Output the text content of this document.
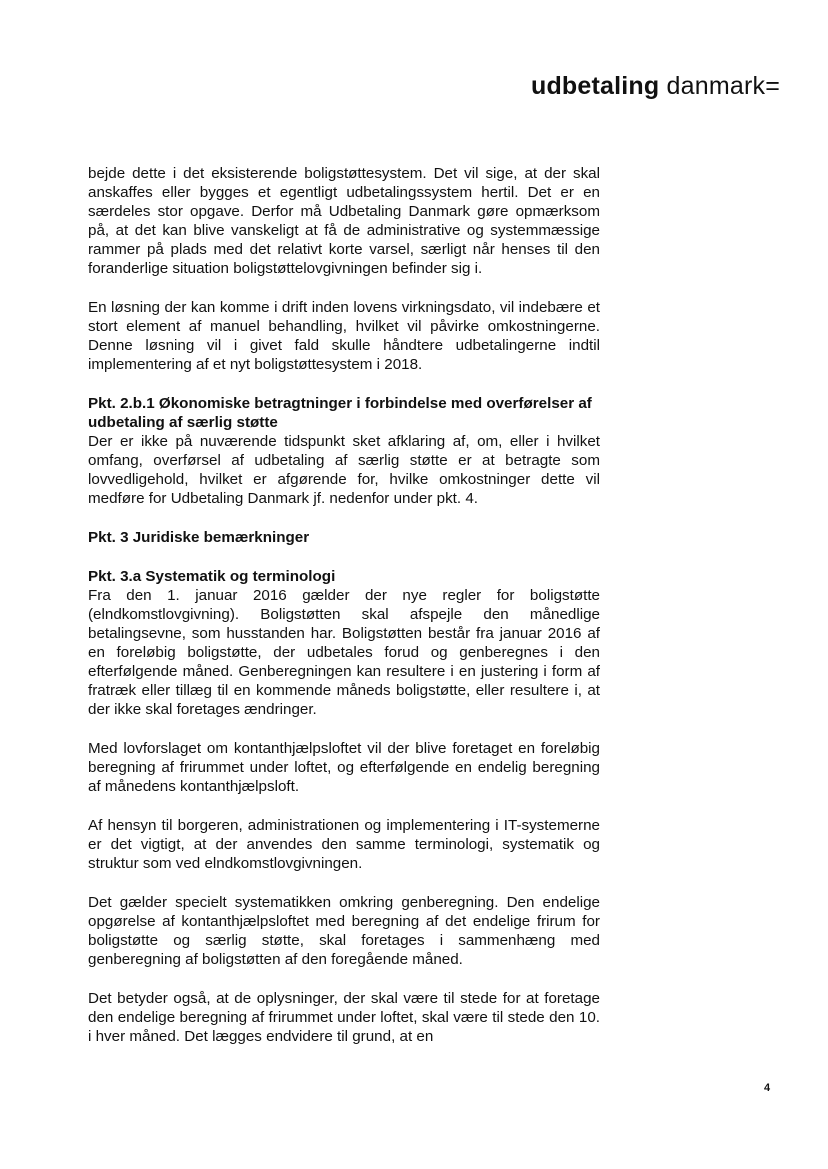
udbetaling danmark=

bejde dette i det eksisterende boligstøttesystem. Det vil sige, at der skal anskaffes eller bygges et egentligt udbetalingssystem hertil. Det er en særdeles stor opgave. Derfor må Udbetaling Danmark gøre opmærksom på, at det kan blive vanskeligt at få de administrative og systemmæssige rammer på plads med det relativt korte varsel, særligt når henses til den foranderlige situation boligstøttelovgivningen befinder sig i.

En løsning der kan komme i drift inden lovens virkningsdato, vil indebære et stort element af manuel behandling, hvilket vil påvirke omkostningerne. Denne løsning vil i givet fald skulle håndtere udbetalingerne indtil implementering af et nyt boligstøttesystem i 2018.

Pkt. 2.b.1 Økonomiske betragtninger i forbindelse med overførelser af udbetaling af særlig støtte

Der er ikke på nuværende tidspunkt sket afklaring af, om, eller i hvilket omfang, overførsel af udbetaling af særlig støtte er at betragte som lovvedligehold, hvilket er afgørende for, hvilke omkostninger dette vil medføre for Udbetaling Danmark jf. nedenfor under pkt. 4.

Pkt. 3 Juridiske bemærkninger

Pkt. 3.a Systematik og terminologi

Fra den 1. januar 2016 gælder der nye regler for boligstøtte (elndkomstlovgivning). Boligstøtten skal afspejle den månedlige betalingsevne, som husstanden har. Boligstøtten består fra januar 2016 af en foreløbig boligstøtte, der udbetales forud og genberegnes i den efterfølgende måned. Genberegningen kan resultere i en justering i form af fratræk eller tillæg til en kommende måneds boligstøtte, eller resultere i, at der ikke skal foretages ændringer.

Med lovforslaget om kontanthjælpsloftet vil der blive foretaget en foreløbig beregning af frirummet under loftet, og efterfølgende en endelig beregning af månedens kontanthjælpsloft.

Af hensyn til borgeren, administrationen og implementering i IT-systemerne er det vigtigt, at der anvendes den samme terminologi, systematik og struktur som ved elndkomstlovgivningen.

Det gælder specielt systematikken omkring genberegning. Den endelige opgørelse af kontanthjælpsloftet med beregning af det endelige frirum for boligstøtte og særlig støtte, skal foretages i sammenhæng med genberegning af boligstøtten af den foregående måned.

Det betyder også, at de oplysninger, der skal være til stede for at foretage den endelige beregning af frirummet under loftet, skal være til stede den 10. i hver måned. Det lægges endvidere til grund, at en

4
